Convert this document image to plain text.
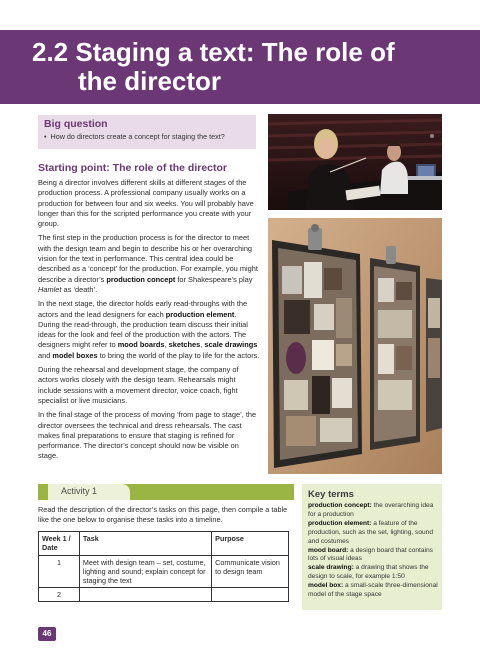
2.2 Staging a text: The role of
the director
Big question
• How do directors create a concept for staging the text?
Starting point: The role of the director

Being a director involves different skills at different stages of the production process. A professional company usually works on a production for between four and six weeks. You will probably have longer than this for the scripted performance you create with your group.

The first step in the production process is for the director to meet with the design team and begin to describe his or her overarching vision for the text in performance. This central idea could be described as a ‘concept’ for the production. For example, you might describe a director’s production concept for Shakespeare’s play Hamlet as ‘death’.

In the next stage, the director holds early read-throughs with the actors and the lead designers for each production element. During the read-through, the production team discuss their initial ideas for the look and feel of the production with the actors. The designers might refer to mood boards, sketches, scale drawings and model boxes to bring the world of the play to life for the actors.

During the rehearsal and development stage, the company of actors works closely with the design team. Rehearsals might include sessions with a movement director, voice coach, fight specialist or live musicians.

In the final stage of the process of moving ‘from page to stage’, the director oversees the technical and dress rehearsals. The cast makes final preparations to ensure that staging is refined for performance. The director’s concept should now be visible on stage.

Activity 1
Read the description of the director’s tasks on this page, then compile a table like the one below to organise these tasks into a timeline.
Week 1 / Date	Task	Purpose
1	Meet with design team – set, costume, lighting and sound; explain concept for staging the text	Communicate vision to design team
2		
Key terms
production concept: the overarching idea for a production
production element: a feature of the production, such as the set, lighting, sound and costumes
mood board: a design board that contains lots of visual ideas
scale drawing: a drawing that shows the design to scale, for example 1:50
model box: a small-scale three-dimensional model of the stage space
46
